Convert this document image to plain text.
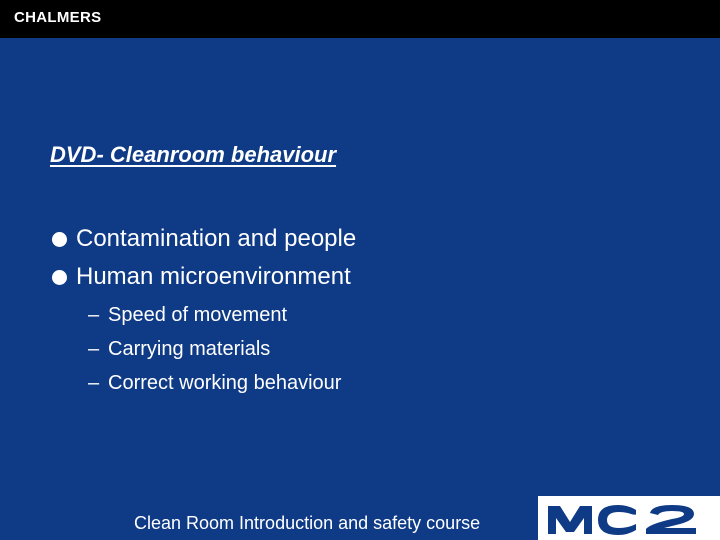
CHALMERS
DVD- Cleanroom behaviour
Contamination and people
Human microenvironment
– Speed of movement
– Carrying materials
– Correct working behaviour
Clean Room Introduction and safety course
